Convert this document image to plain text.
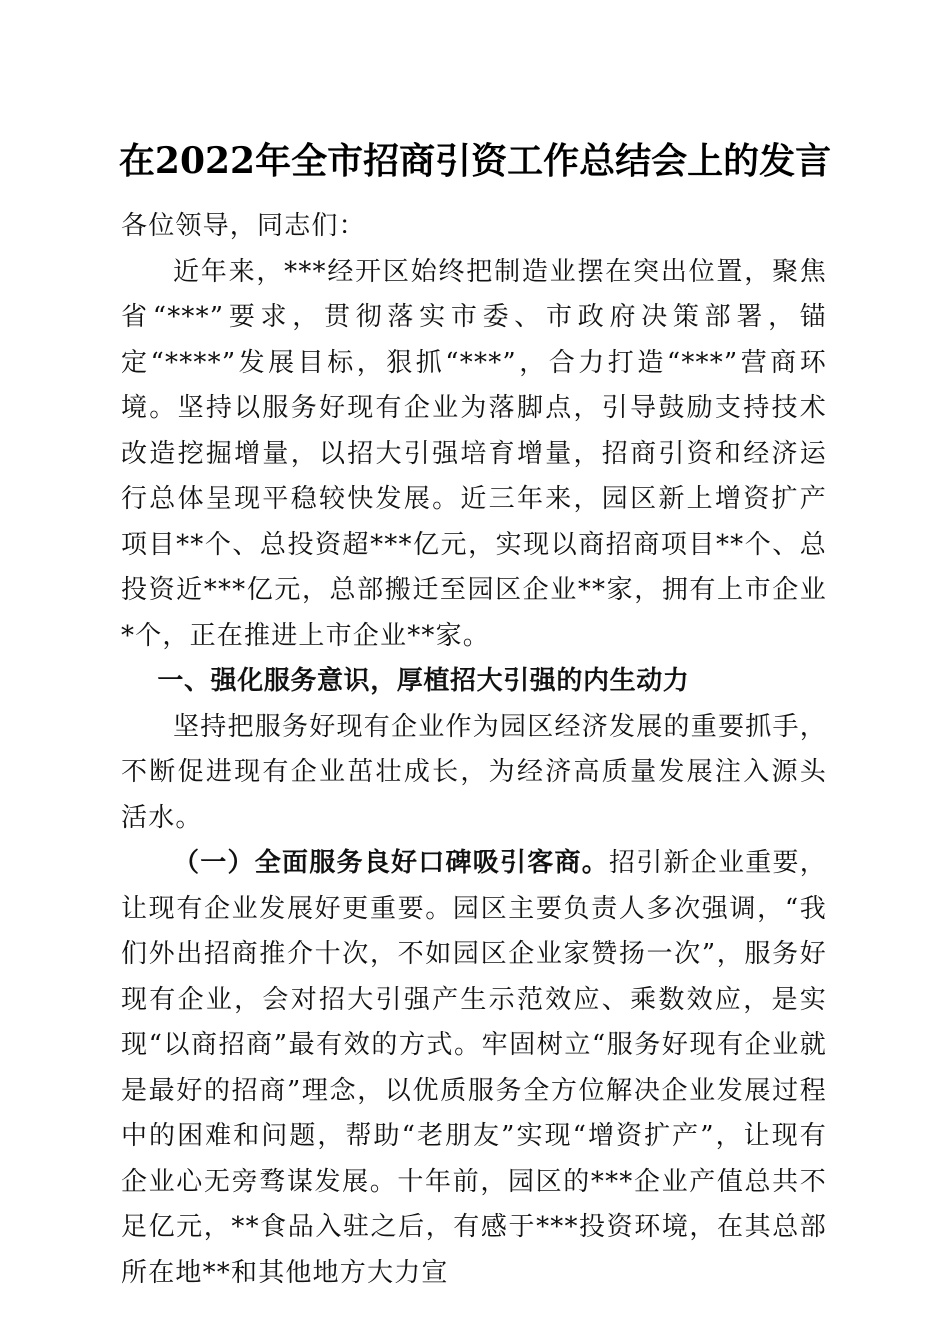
在2022年全市招商引资工作总结会上的发言

各位领导，同志们：

近年来，***经开区始终把制造业摆在突出位置，聚焦省“***”要求，贯彻落实市委、市政府决策部署，锚定“****”发展目标，狠抓“***”，合力打造“***”营商环境。坚持以服务好现有企业为落脚点，引导鼓励支持技术改造挖掘增量，以招大引强培育增量，招商引资和经济运行总体呈现平稳较快发展。近三年来，园区新上增资扩产项目**个、总投资超***亿元，实现以商招商项目**个、总投资近***亿元，总部搬迁至园区企业**家，拥有上市企业*个，正在推进上市企业**家。

一、强化服务意识，厚植招大引强的内生动力

坚持把服务好现有企业作为园区经济发展的重要抓手，不断促进现有企业茁壮成长，为经济高质量发展注入源头活水。

（一）全面服务良好口碑吸引客商。招引新企业重要，让现有企业发展好更重要。园区主要负责人多次强调，“我们外出招商推介十次，不如园区企业家赞扬一次”，服务好现有企业，会对招大引强产生示范效应、乘数效应，是实现“以商招商”最有效的方式。牢固树立“服务好现有企业就是最好的招商”理念，以优质服务全方位解决企业发展过程中的困难和问题，帮助“老朋友”实现“增资扩产”，让现有企业心无旁骛谋发展。十年前，园区的***企业产值总共不足亿元，**食品入驻之后，有感于***投资环境，在其总部所在地**和其他地方大力宣
